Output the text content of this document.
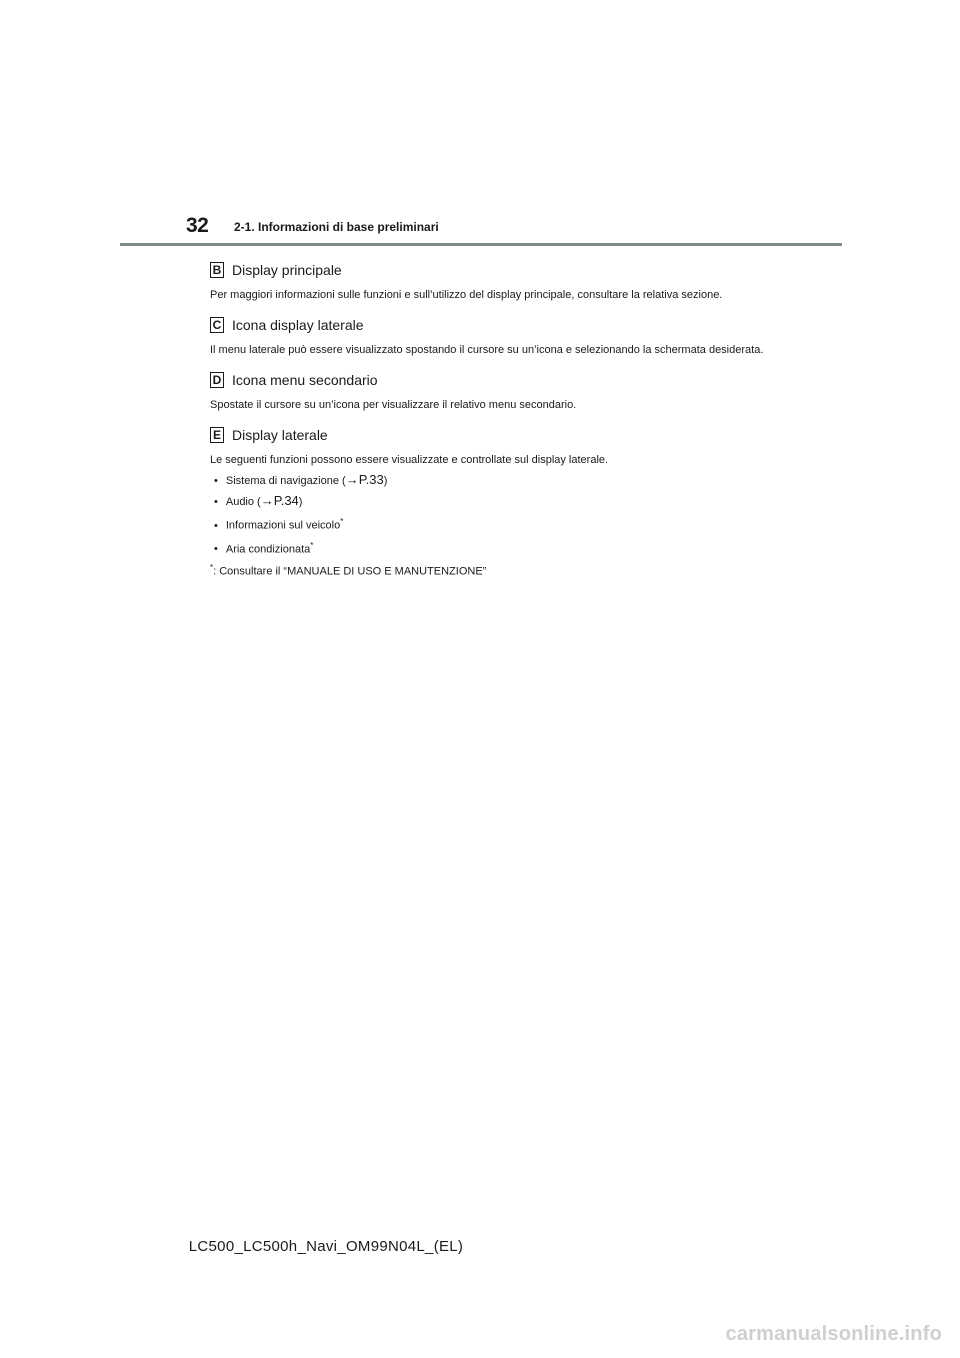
32 2-1. Informazioni di base preliminari
B Display principale
Per maggiori informazioni sulle funzioni e sull’utilizzo del display principale, consultare la relativa sezione.
C Icona display laterale
Il menu laterale può essere visualizzato spostando il cursore su un’icona e selezionando la schermata desiderata.
D Icona menu secondario
Spostate il cursore su un’icona per visualizzare il relativo menu secondario.
E Display laterale
Le seguenti funzioni possono essere visualizzate e controllate sul display laterale.
• Sistema di navigazione (→P.33)
• Audio (→P.34)
• Informazioni sul veicolo*
• Aria condizionata*
*: Consultare il “MANUALE DI USO E MANUTENZIONE”
LC500_LC500h_Navi_OM99N04L_(EL)
carmanualsonline.info
